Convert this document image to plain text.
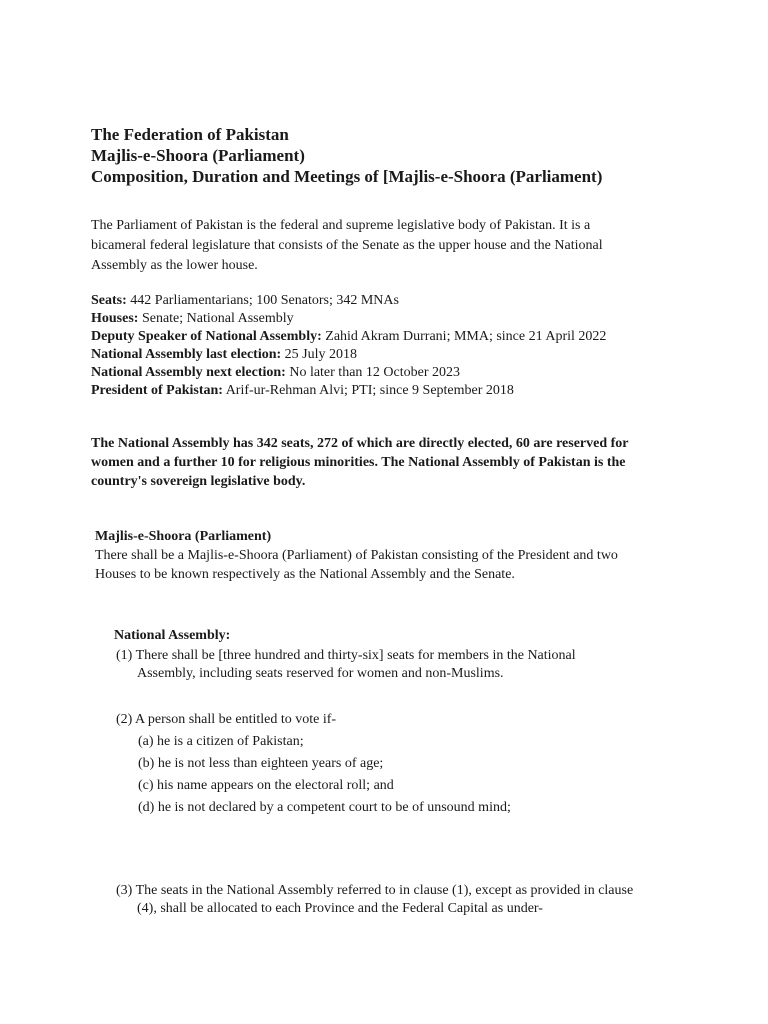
The Federation of Pakistan
Majlis-e-Shoora (Parliament)
Composition, Duration and Meetings of [Majlis-e-Shoora (Parliament)
The Parliament of Pakistan is the federal and supreme legislative body of Pakistan. It is a
bicameral federal legislature that consists of the Senate as the upper house and the National
Assembly as the lower house.
Seats: 442 Parliamentarians; 100 Senators; 342 MNAs
Houses: Senate; National Assembly
Deputy Speaker of National Assembly: Zahid Akram Durrani; MMA; since 21 April 2022
National Assembly last election: 25 July 2018
National Assembly next election: No later than 12 October 2023
President of Pakistan: Arif-ur-Rehman Alvi; PTI; since 9 September 2018
The National Assembly has 342 seats, 272 of which are directly elected, 60 are reserved for
women and a further 10 for religious minorities. The National Assembly of Pakistan is the
country's sovereign legislative body.
Majlis-e-Shoora (Parliament)
There shall be a Majlis-e-Shoora (Parliament) of Pakistan consisting of the President and two
Houses to be known respectively as the National Assembly and the Senate.
National Assembly:
(1) There shall be [three hundred and thirty-six] seats for members in the National
Assembly, including seats reserved for women and non-Muslims.
(2) A person shall be entitled to vote if-
(a) he is a citizen of Pakistan;
(b) he is not less than eighteen years of age;
(c) his name appears on the electoral roll; and
(d) he is not declared by a competent court to be of unsound mind;
(3) The seats in the National Assembly referred to in clause (1), except as provided in clause
(4), shall be allocated to each Province and the Federal Capital as under-
